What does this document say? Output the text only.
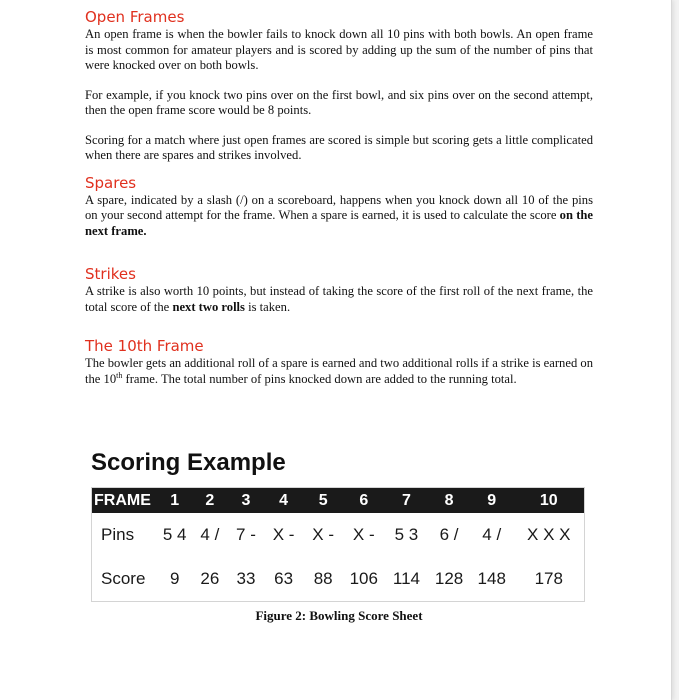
Open Frames

An open frame is when the bowler fails to knock down all 10 pins with both bowls. An open frame is most common for amateur players and is scored by adding up the sum of the number of pins that were knocked over on both bowls.

For example, if you knock two pins over on the first bowl, and six pins over on the second attempt, then the open frame score would be 8 points.

Scoring for a match where just open frames are scored is simple but scoring gets a little complicated when there are spares and strikes involved.

Spares

A spare, indicated by a slash (/) on a scoreboard, happens when you knock down all 10 of the pins on your second attempt for the frame. When a spare is earned, it is used to calculate the score on the next frame.

Strikes

A strike is also worth 10 points, but instead of taking the score of the first roll of the next frame, the total score of the next two rolls is taken.

The 10th Frame

The bowler gets an additional roll of a spare is earned and two additional rolls if a strike is earned on the 10th frame. The total number of pins knocked down are added to the running total.

Scoring Example
FRAME	1	2	3	4	5	6	7	8	9	10
Pins	5 4	4 /	7 -	X -	X -	X -	5 3	6 /	4 /	X X X
Score	9	26	33	63	88	106	114	128	148	178
Figure 2: Bowling Score Sheet
